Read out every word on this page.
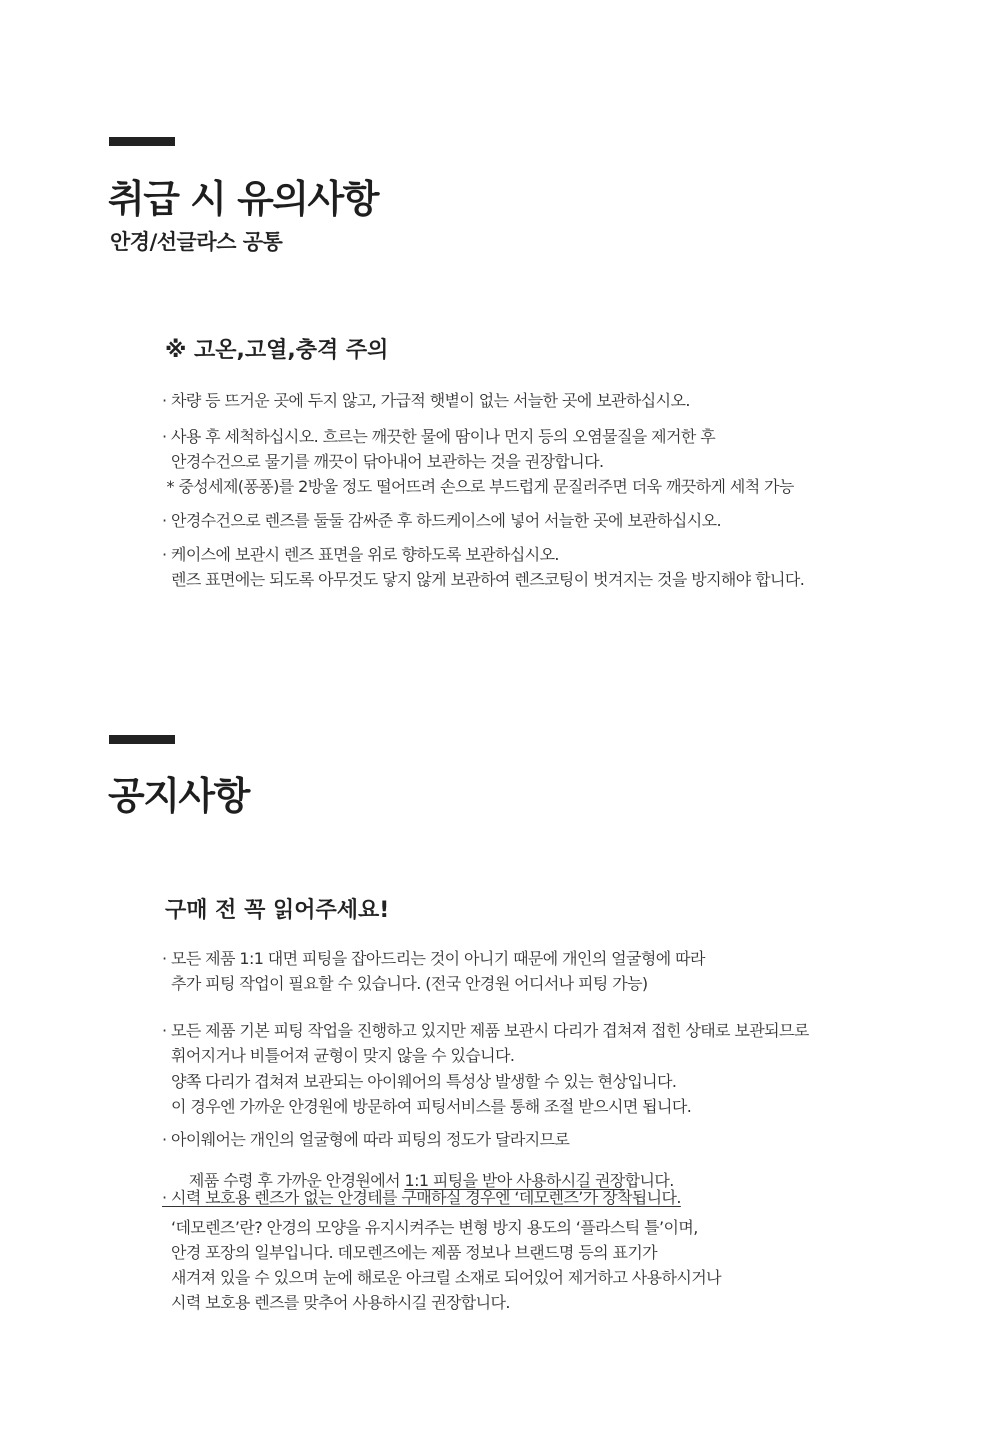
취급 시 유의사항
안경/선글라스 공통
※ 고온,고열,충격 주의
· 차량 등 뜨거운 곳에 두지 않고, 가급적 햇볕이 없는 서늘한 곳에 보관하십시오.
· 사용 후 세척하십시오. 흐르는 깨끗한 물에 땀이나 먼지 등의 오염물질을 제거한 후
안경수건으로 물기를 깨끗이 닦아내어 보관하는 것을 권장합니다.
* 중성세제(퐁퐁)를 2방울 정도 떨어뜨려 손으로 부드럽게 문질러주면 더욱 깨끗하게 세척 가능
· 안경수건으로 렌즈를 둘둘 감싸준 후 하드케이스에 넣어 서늘한 곳에 보관하십시오.
· 케이스에 보관시 렌즈 표면을 위로 향하도록 보관하십시오.
렌즈 표면에는 되도록 아무것도 닿지 않게 보관하여 렌즈코팅이 벗겨지는 것을 방지해야 합니다.
공지사항
구매 전 꼭 읽어주세요!
· 모든 제품 1:1 대면 피팅을 잡아드리는 것이 아니기 때문에 개인의 얼굴형에 따라
추가 피팅 작업이 필요할 수 있습니다. (전국 안경원 어디서나 피팅 가능)
· 모든 제품 기본 피팅 작업을 진행하고 있지만 제품 보관시 다리가 겹쳐져 접힌 상태로 보관되므로
휘어지거나 비틀어져 균형이 맞지 않을 수 있습니다.
양쪽 다리가 겹쳐져 보관되는 아이웨어의 특성상 발생할 수 있는 현상입니다.
이 경우엔 가까운 안경원에 방문하여 피팅서비스를 통해 조절 받으시면 됩니다.
· 아이웨어는 개인의 얼굴형에 따라 피팅의 정도가 달라지므로

제품 수령 후 가까운 안경원에서 1:1 피팅을 받아 사용하시길 권장합니다.

· 시력 보호용 렌즈가 없는 안경테를 구매하실 경우엔 ‘데모렌즈’가 장착됩니다.
‘데모렌즈’란? 안경의 모양을 유지시켜주는 변형 방지 용도의 ‘플라스틱 틀’이며,
안경 포장의 일부입니다. 데모렌즈에는 제품 정보나 브랜드명 등의 표기가
새겨져 있을 수 있으며 눈에 해로운 아크릴 소재로 되어있어 제거하고 사용하시거나
시력 보호용 렌즈를 맞추어 사용하시길 권장합니다.
